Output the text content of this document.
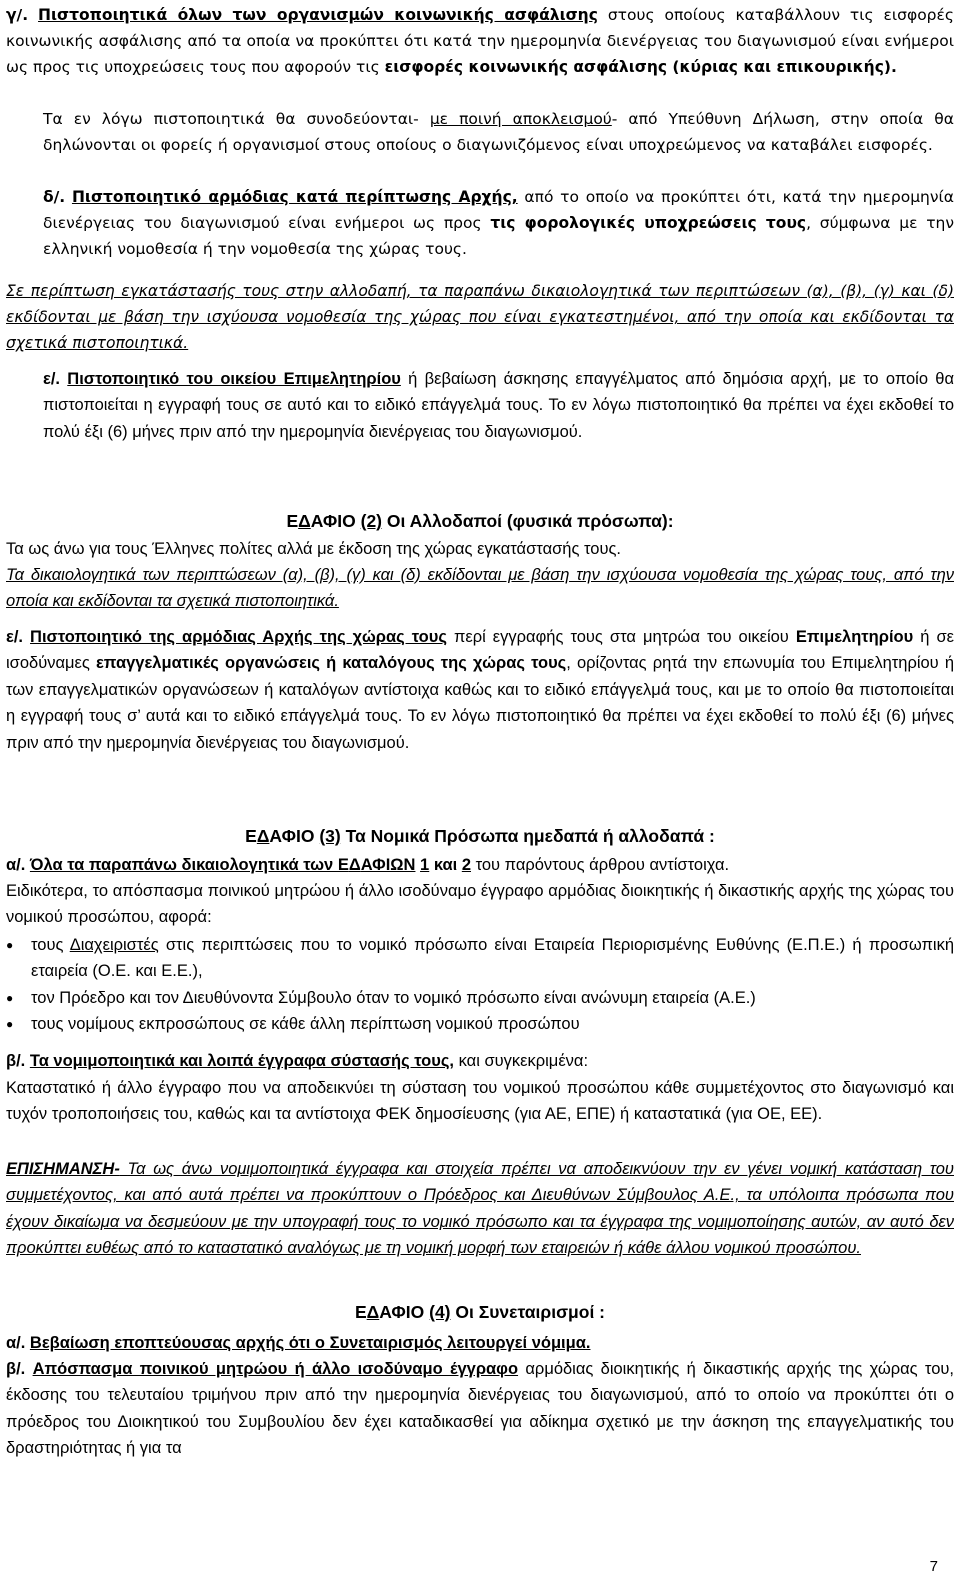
γ/. Πιστοποιητικά όλων των οργανισμών κοινωνικής ασφάλισης στους οποίους καταβάλλουν τις εισφορές κοινωνικής ασφάλισης από τα οποία να προκύπτει ότι κατά την ημερομηνία διενέργειας του διαγωνισμού είναι ενήμεροι ως προς τις υποχρεώσεις τους που αφορούν τις εισφορές κοινωνικής ασφάλισης (κύριας και επικουρικής).

Τα εν λόγω πιστοποιητικά θα συνοδεύονται- με ποινή αποκλεισμού- από Υπεύθυνη Δήλωση, στην οποία θα δηλώνονται οι φορείς ή οργανισμοί στους οποίους ο διαγωνιζόμενος είναι υποχρεώμενος να καταβάλει εισφορές.

δ/. Πιστοποιητικό αρμόδιας κατά περίπτωσης Αρχής, από το οποίο να προκύπτει ότι, κατά την ημερομηνία διενέργειας του διαγωνισμού είναι ενήμεροι ως προς τις φορολογικές υποχρεώσεις τους, σύμφωνα με την ελληνική νομοθεσία ή την νομοθεσία της χώρας τους.

Σε περίπτωση εγκατάστασής τους στην αλλοδαπή, τα παραπάνω δικαιολογητικά των περιπτώσεων (α), (β), (γ) και (δ) εκδίδονται με βάση την ισχύουσα νομοθεσία της χώρας που είναι εγκατεστημένοι, από την οποία και εκδίδονται τα σχετικά πιστοποιητικά.

ε/. Πιστοποιητικό του οικείου Επιμελητηρίου ή βεβαίωση άσκησης επαγγέλματος από δημόσια αρχή, με το οποίο θα πιστοποιείται η εγγραφή τους σε αυτό και το ειδικό επάγγελμά τους. Το εν λόγω πιστοποιητικό θα πρέπει να έχει εκδοθεί το πολύ έξι (6) μήνες πριν από την ημερομηνία διενέργειας του διαγωνισμού.

ΕΔΑΦΙΟ (2) Οι Αλλοδαποί (φυσικά πρόσωπα):

Τα ως άνω για τους Έλληνες πολίτες αλλά με έκδοση της χώρας εγκατάστασής τους.

Τα δικαιολογητικά των περιπτώσεων (α), (β), (γ) και (δ) εκδίδονται με βάση την ισχύουσα νομοθεσία της χώρας τους, από την οποία και εκδίδονται τα σχετικά πιστοποιητικά.

ε/. Πιστοποιητικό της αρμόδιας Αρχής της χώρας τους περί εγγραφής τους στα μητρώα του οικείου Επιμελητηρίου ή σε ισοδύναμες επαγγελματικές οργανώσεις ή καταλόγους της χώρας τους, ορίζοντας ρητά την επωνυμία του Επιμελητηρίου ή των επαγγελματικών οργανώσεων ή καταλόγων αντίστοιχα καθώς και το ειδικό επάγγελμά τους, και με το οποίο θα πιστοποιείται η εγγραφή τους σ’ αυτά και το ειδικό επάγγελμά τους. Το εν λόγω πιστοποιητικό θα πρέπει να έχει εκδοθεί το πολύ έξι (6) μήνες πριν από την ημερομηνία διενέργειας του διαγωνισμού.

ΕΔΑΦΙΟ (3) Τα Νομικά Πρόσωπα ημεδαπά ή αλλοδαπά :

α/. Όλα τα παραπάνω δικαιολογητικά των ΕΔΑΦΙΩΝ 1 και 2 του παρόντους άρθρου αντίστοιχα.

Ειδικότερα, το απόσπασμα ποινικού μητρώου ή άλλο ισοδύναμο έγγραφο αρμόδιας διοικητικής ή δικαστικής αρχής της χώρας του νομικού προσώπου, αφορά:

● τους Διαχειριστές στις περιπτώσεις που το νομικό πρόσωπο είναι Εταιρεία Περιορισμένης Ευθύνης (Ε.Π.Ε.) ή προσωπική εταιρεία (Ο.Ε. και Ε.Ε.),
● τον Πρόεδρο και τον Διευθύνοντα Σύμβουλο όταν το νομικό πρόσωπο είναι ανώνυμη εταιρεία (Α.Ε.)
● τους νομίμους εκπροσώπους σε κάθε άλλη περίπτωση νομικού προσώπου

β/. Τα νομιμοποιητικά και λοιπά έγγραφα σύστασής τους, και συγκεκριμένα:

Καταστατικό ή άλλο έγγραφο που να αποδεικνύει τη σύσταση του νομικού προσώπου κάθε συμμετέχοντος στο διαγωνισμό και τυχόν τροποποιήσεις του, καθώς και τα αντίστοιχα ΦΕΚ δημοσίευσης (για ΑΕ, ΕΠΕ) ή καταστατικά (για ΟΕ, ΕΕ).

ΕΠΙΣΗΜΑΝΣΗ- Τα ως άνω νομιμοποιητικά έγγραφα και στοιχεία πρέπει να αποδεικνύουν την εν γένει νομική κατάσταση του συμμετέχοντος, και από αυτά πρέπει να προκύπτουν ο Πρόεδρος και Διευθύνων Σύμβουλος Α.Ε., τα υπόλοιπα πρόσωπα που έχουν δικαίωμα να δεσμεύουν με την υπογραφή τους το νομικό πρόσωπο και τα έγγραφα της νομιμοποίησης αυτών, αν αυτό δεν προκύπτει ευθέως από το καταστατικό αναλόγως με τη νομική μορφή των εταιρειών ή κάθε άλλου νομικού προσώπου.

ΕΔΑΦΙΟ (4) Οι Συνεταιρισμοί :

α/. Βεβαίωση εποπτεύουσας αρχής ότι ο Συνεταιρισμός λειτουργεί νόμιμα.

β/. Απόσπασμα ποινικού μητρώου ή άλλο ισοδύναμο έγγραφο αρμόδιας διοικητικής ή δικαστικής αρχής της χώρας του, έκδοσης του τελευταίου τριμήνου πριν από την ημερομηνία διενέργειας του διαγωνισμού, από το οποίο να προκύπτει ότι ο πρόεδρος του Διοικητικού του Συμβουλίου δεν έχει καταδικασθεί για αδίκημα σχετικό με την άσκηση της επαγγελματικής του δραστηριότητας ή για τα

7
